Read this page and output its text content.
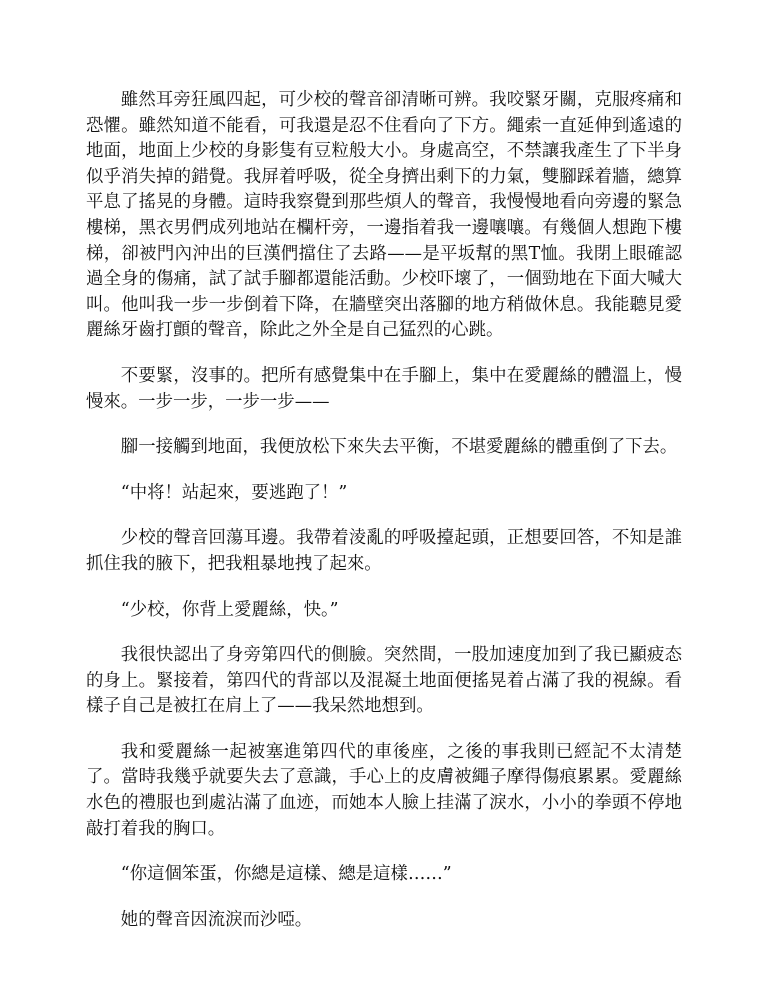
雖然耳旁狂風四起，可少校的聲音卻清晰可辨。我咬緊牙關，克服疼痛和恐懼。雖然知道不能看，可我還是忍不住看向了下方。繩索一直延伸到遙遠的地面，地面上少校的身影隻有豆粒般大小。身處高空，不禁讓我產生了下半身似乎消失掉的錯覺。我屏着呼吸，從全身擠出剩下的力氣，雙腳踩着牆，總算平息了搖晃的身體。這時我察覺到那些煩人的聲音，我慢慢地看向旁邊的緊急樓梯，黑衣男們成列地站在欄杆旁，一邊指着我一邊嚷嚷。有幾個人想跑下樓梯，卻被門內沖出的巨漢們擋住了去路——是平坂幫的黑T恤。我閉上眼確認過全身的傷痛，試了試手腳都還能活動。少校吓壞了，一個勁地在下面大喊大叫。他叫我一步一步倒着下降，在牆壁突出落腳的地方稍做休息。我能聽見愛麗絲牙齒打顫的聲音，除此之外全是自己猛烈的心跳。

不要緊，沒事的。把所有感覺集中在手腳上，集中在愛麗絲的體溫上，慢慢來。一步一步，一步一步——

腳一接觸到地面，我便放松下來失去平衡，不堪愛麗絲的體重倒了下去。

“中将！站起來，要逃跑了！”

少校的聲音回蕩耳邊。我帶着淩亂的呼吸擡起頭，正想要回答，不知是誰抓住我的腋下，把我粗暴地拽了起來。

“少校，你背上愛麗絲，快。”

我很快認出了身旁第四代的側臉。突然間，一股加速度加到了我已顯疲态的身上。緊接着，第四代的背部以及混凝土地面便搖晃着占滿了我的視線。看樣子自己是被扛在肩上了——我呆然地想到。

我和愛麗絲一起被塞進第四代的車後座，之後的事我則已經記不太清楚了。當時我幾乎就要失去了意識，手心上的皮膚被繩子摩得傷痕累累。愛麗絲水色的禮服也到處沾滿了血迹，而她本人臉上挂滿了淚水，小小的拳頭不停地敲打着我的胸口。

“你這個笨蛋，你總是這樣、總是這樣……”

她的聲音因流淚而沙啞。
